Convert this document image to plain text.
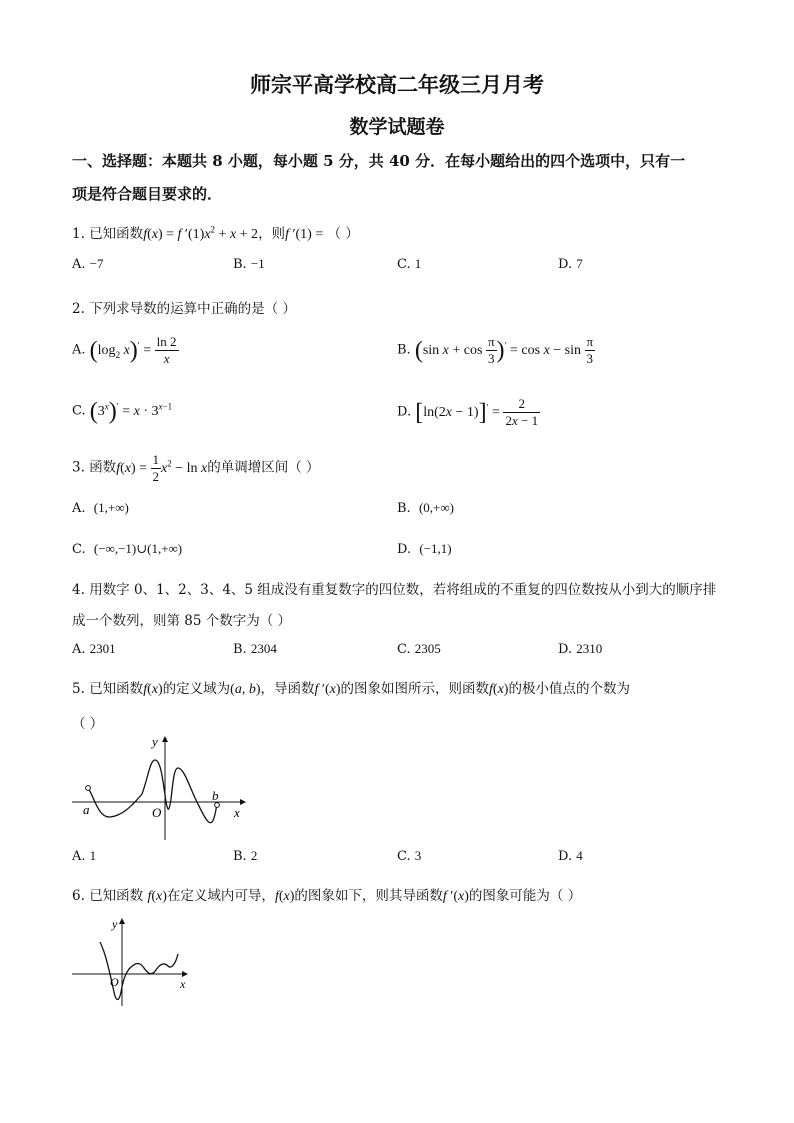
师宗平高学校高二年级三月月考
数学试题卷
一、选择题：本题共 8 小题，每小题 5 分，共 40 分．在每小题给出的四个选项中，只有一
项是符合题目要求的．
1. 已知函数f(x) = f $'(1)x^2 + x + 2$，则f ′(1) = （ ）
A. −7	B. −1	C. 1	D. 7
2. 下列求导数的运算中正确的是（ ）
A. ($\log_2$ $x)' = \frac{\ln 2}{x}$	B. (sin $x + \cos \frac{\pi}{3} )' = \cos x - \sin \frac{\pi}{3}$
C. $(3^x)' = x \cdot 3^{x-1}$	D. $[\ln(2x - 1)]' = \frac{2}{2x - 1}$
3. 函数$f(x) = \frac{1}{2} x^2 - \ln x$的单调增区间（ ）
A. (1,+∞)	B. (0,+∞)
C. (−∞,−1)∪(1,+∞)	D. (−1,1)
4. 用数字 0、1、2、3、4、5 组成没有重复数字的四位数，若将组成的不重复的四位数按从小到大的顺序排
成一个数列，则第 85 个数字为（ ）
A. 2301	B. 2304	C. 2305	D. 2310
5. 已知函数f(x)的定义域为(a, b)，导函数f ′(x)的图象如图所示，则函数f(x)的极小值点的个数为
（ ）
y
x
O
a
b
A. 1	B. 2	C. 3	D. 4
6. 已知函数 f(x)在定义域内可导，f(x)的图象如下，则其导函数f ′(x)的图象可能为（ ）
y
x
O
